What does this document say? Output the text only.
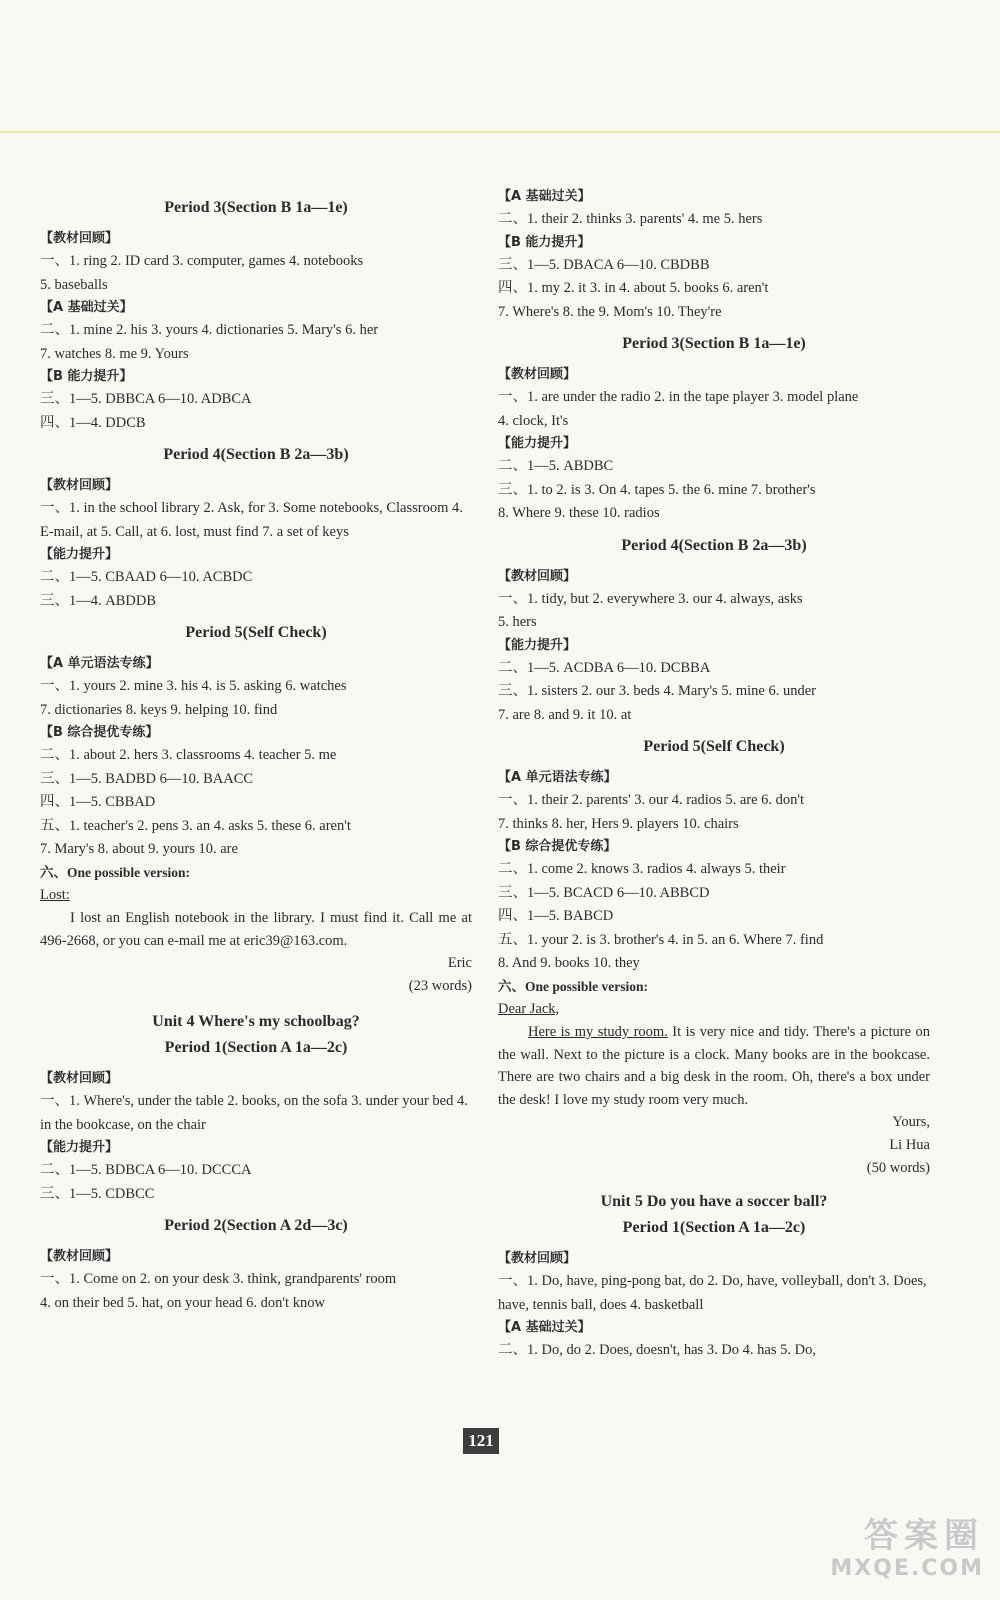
Period 3(Section B 1a—1e)
【教材回顾】
一、1. ring 2. ID card 3. computer, games 4. notebooks
5. baseballs
【A 基础过关】
二、1. mine 2. his 3. yours 4. dictionaries 5. Mary's 6. her
7. watches 8. me 9. Yours
【B 能力提升】
三、1—5. DBBCA 6—10. ADBCA
四、1—4. DDCB
Period 4(Section B 2a—3b)
【教材回顾】
一、1. in the school library 2. Ask, for 3. Some notebooks, Classroom 4. E-mail, at 5. Call, at 6. lost, must find 7. a set of keys
【能力提升】
二、1—5. CBAAD 6—10. ACBDC
三、1—4. ABDDB
Period 5(Self Check)
【A 单元语法专练】
一、1. yours 2. mine 3. his 4. is 5. asking 6. watches
7. dictionaries 8. keys 9. helping 10. find
【B 综合提优专练】
二、1. about 2. hers 3. classrooms 4. teacher 5. me
三、1—5. BADBD 6—10. BAACC
四、1—5. CBBAD
五、1. teacher's 2. pens 3. an 4. asks 5. these 6. aren't
7. Mary's 8. about 9. yours 10. are
六、One possible version:
Lost:
I lost an English notebook in the library. I must find it. Call me at 496-2668, or you can e-mail me at eric39@163.com.
Eric
(23 words)
Unit 4 Where's my schoolbag?
Period 1(Section A 1a—2c)
【教材回顾】
一、1. Where's, under the table 2. books, on the sofa 3. under your bed 4. in the bookcase, on the chair
【能力提升】
二、1—5. BDBCA 6—10. DCCCA
三、1—5. CDBCC
Period 2(Section A 2d—3c)
【教材回顾】
一、1. Come on 2. on your desk 3. think, grandparents' room
4. on their bed 5. hat, on your head 6. don't know
【A 基础过关】
二、1. their 2. thinks 3. parents' 4. me 5. hers
【B 能力提升】
三、1—5. DBACA 6—10. CBDBB
四、1. my 2. it 3. in 4. about 5. books 6. aren't
7. Where's 8. the 9. Mom's 10. They're
Period 3(Section B 1a—1e)
【教材回顾】
一、1. are under the radio 2. in the tape player 3. model plane
4. clock, It's
【能力提升】
二、1—5. ABDBC
三、1. to 2. is 3. On 4. tapes 5. the 6. mine 7. brother's
8. Where 9. these 10. radios
Period 4(Section B 2a—3b)
【教材回顾】
一、1. tidy, but 2. everywhere 3. our 4. always, asks
5. hers
【能力提升】
二、1—5. ACDBA 6—10. DCBBA
三、1. sisters 2. our 3. beds 4. Mary's 5. mine 6. under
7. are 8. and 9. it 10. at
Period 5(Self Check)
【A 单元语法专练】
一、1. their 2. parents' 3. our 4. radios 5. are 6. don't
7. thinks 8. her, Hers 9. players 10. chairs
【B 综合提优专练】
二、1. come 2. knows 3. radios 4. always 5. their
三、1—5. BCACD 6—10. ABBCD
四、1—5. BABCD
五、1. your 2. is 3. brother's 4. in 5. an 6. Where 7. find
8. And 9. books 10. they
六、One possible version:
Dear Jack,
Here is my study room. It is very nice and tidy. There's a picture on the wall. Next to the picture is a clock. Many books are in the bookcase. There are two chairs and a big desk in the room. Oh, there's a box under the desk! I love my study room very much.
Yours,
Li Hua
(50 words)
Unit 5 Do you have a soccer ball?
Period 1(Section A 1a—2c)
【教材回顾】
一、1. Do, have, ping-pong bat, do 2. Do, have, volleyball, don't 3. Does, have, tennis ball, does 4. basketball
【A 基础过关】
二、1. Do, do 2. Does, doesn't, has 3. Do 4. has 5. Do,
121
答案圈
MXQE.COM
